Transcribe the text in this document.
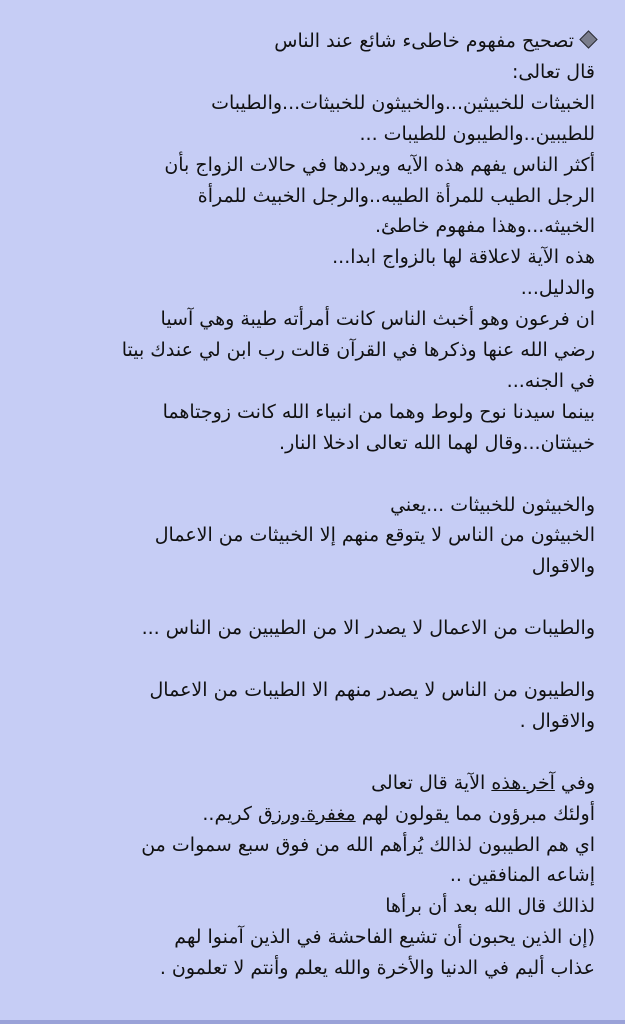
تصحيح مفهوم خاطىء شائع عند الناس
قال تعالى:
الخبيثات للخبيثين...والخبيثون للخبيثات...والطيبات
للطيبين..والطيبون للطيبات ...
أكثر الناس يفهم هذه الآيه ويرددها في حالات الزواج بأن
الرجل الطيب للمرأة الطيبه..والرجل الخبيث للمرأة
الخبيثه...وهذا مفهوم خاطئ.
هذه الآية لاعلاقة لها بالزواج ابدا...
والدليل...
ان فرعون وهو أخبث الناس كانت أمرأته طيبة وهي آسيا
رضي الله عنها وذكرها في القرآن قالت رب ابن لي عندك بيتا
في الجنه...
بينما سيدنا نوح ولوط وهما من انبياء الله كانت زوجتاهما
خبيثتان...وقال لهما الله تعالى ادخلا النار.
والخبيثون للخبيثات ...يعني
الخبيثون من الناس لا يتوقع منهم إلا الخبيثات من الاعمال
والاقوال
والطيبات من الاعمال لا يصدر الا من الطيبين من الناس ...
والطيبون من الناس لا يصدر منهم الا الطيبات من الاعمال
والاقوال .
وفي آخر.هذه الآية قال تعالى
أولئك مبرؤون مما يقولون لهم مغفرة.ورزق كريم..
اي هم الطيبون لذالك يُرأهم الله من فوق سبع سموات من
إشاعه المنافقين ..
لذالك قال الله بعد أن برأها
(إن الذين يحبون أن تشيع الفاحشة في الذين آمنوا لهم
عذاب أليم في الدنيا والأخرة والله يعلم وأنتم لا تعلمون .
